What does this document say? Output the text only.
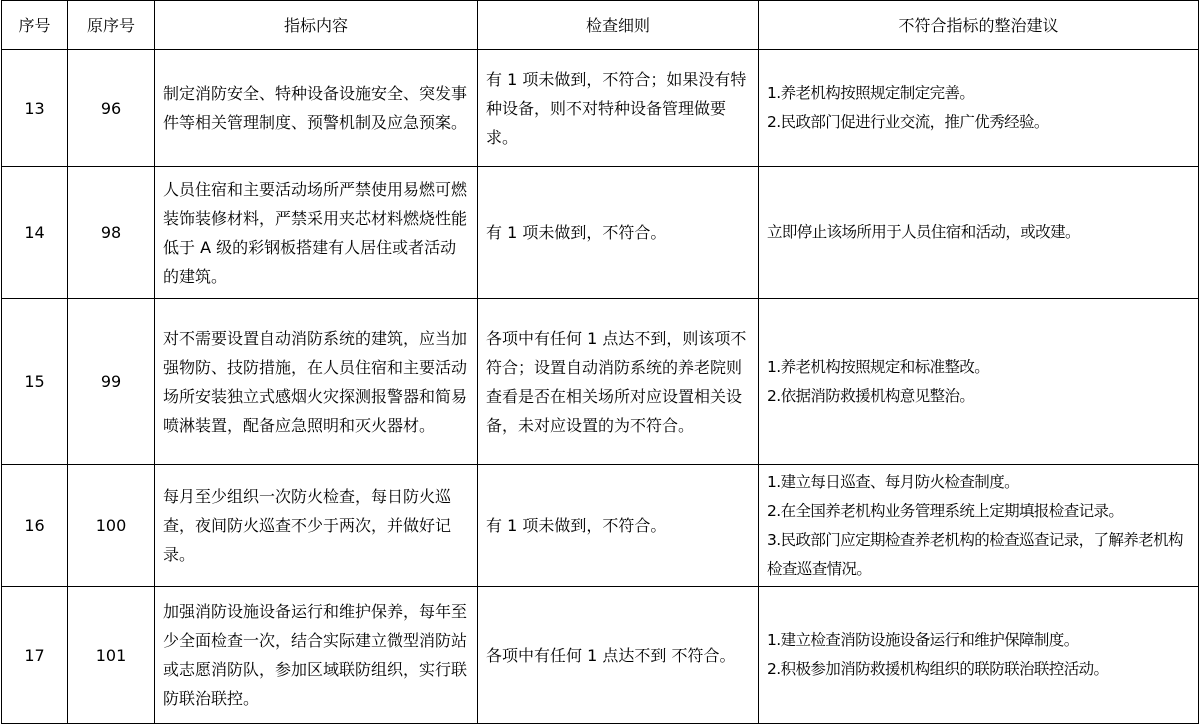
序号	原序号	指标内容	检查细则	不符合指标的整治建议
13	96	制定消防安全、特种设备设施安全、突发事件等相关管理制度、预警机制及应急预案。	有 1 项未做到，不符合；如果没有特种设备，则不对特种设备管理做要求。	1.养老机构按照规定制定完善。
2.民政部门促进行业交流，推广优秀经验。

14	98	人员住宿和主要活动场所严禁使用易燃可燃装饰装修材料，严禁采用夹芯材料燃烧性能低于 A 级的彩钢板搭建有人居住或者活动的建筑。	有 1 项未做到，不符合。	立即停止该场所用于人员住宿和活动，或改建。

15	99	对不需要设置自动消防系统的建筑，应当加强物防、技防措施，在人员住宿和主要活动场所安装独立式感烟火灾探测报警器和简易喷淋装置，配备应急照明和灭火器材。	各项中有任何 1 点达不到，则该项不符合；设置自动消防系统的养老院则查看是否在相关场所对应设置相关设备，未对应设置的为不符合。	1.养老机构按照规定和标准整改。
2.依据消防救援机构意见整治。

16	100	每月至少组织一次防火检查，每日防火巡查，夜间防火巡查不少于两次，并做好记录。	有 1 项未做到，不符合。	1.建立每日巡查、每月防火检查制度。
2.在全国养老机构业务管理系统上定期填报检查记录。
3.民政部门应定期检查养老机构的检查巡查记录，了解养老机构检查巡查情况。

17	101	加强消防设施设备运行和维护保养，每年至少全面检查一次，结合实际建立微型消防站或志愿消防队，参加区域联防组织，实行联防联治联控。	各项中有任何 1 点达不到 不符合。	1.建立检查消防设施设备运行和维护保障制度。
2.积极参加消防救援机构组织的联防联治联控活动。
